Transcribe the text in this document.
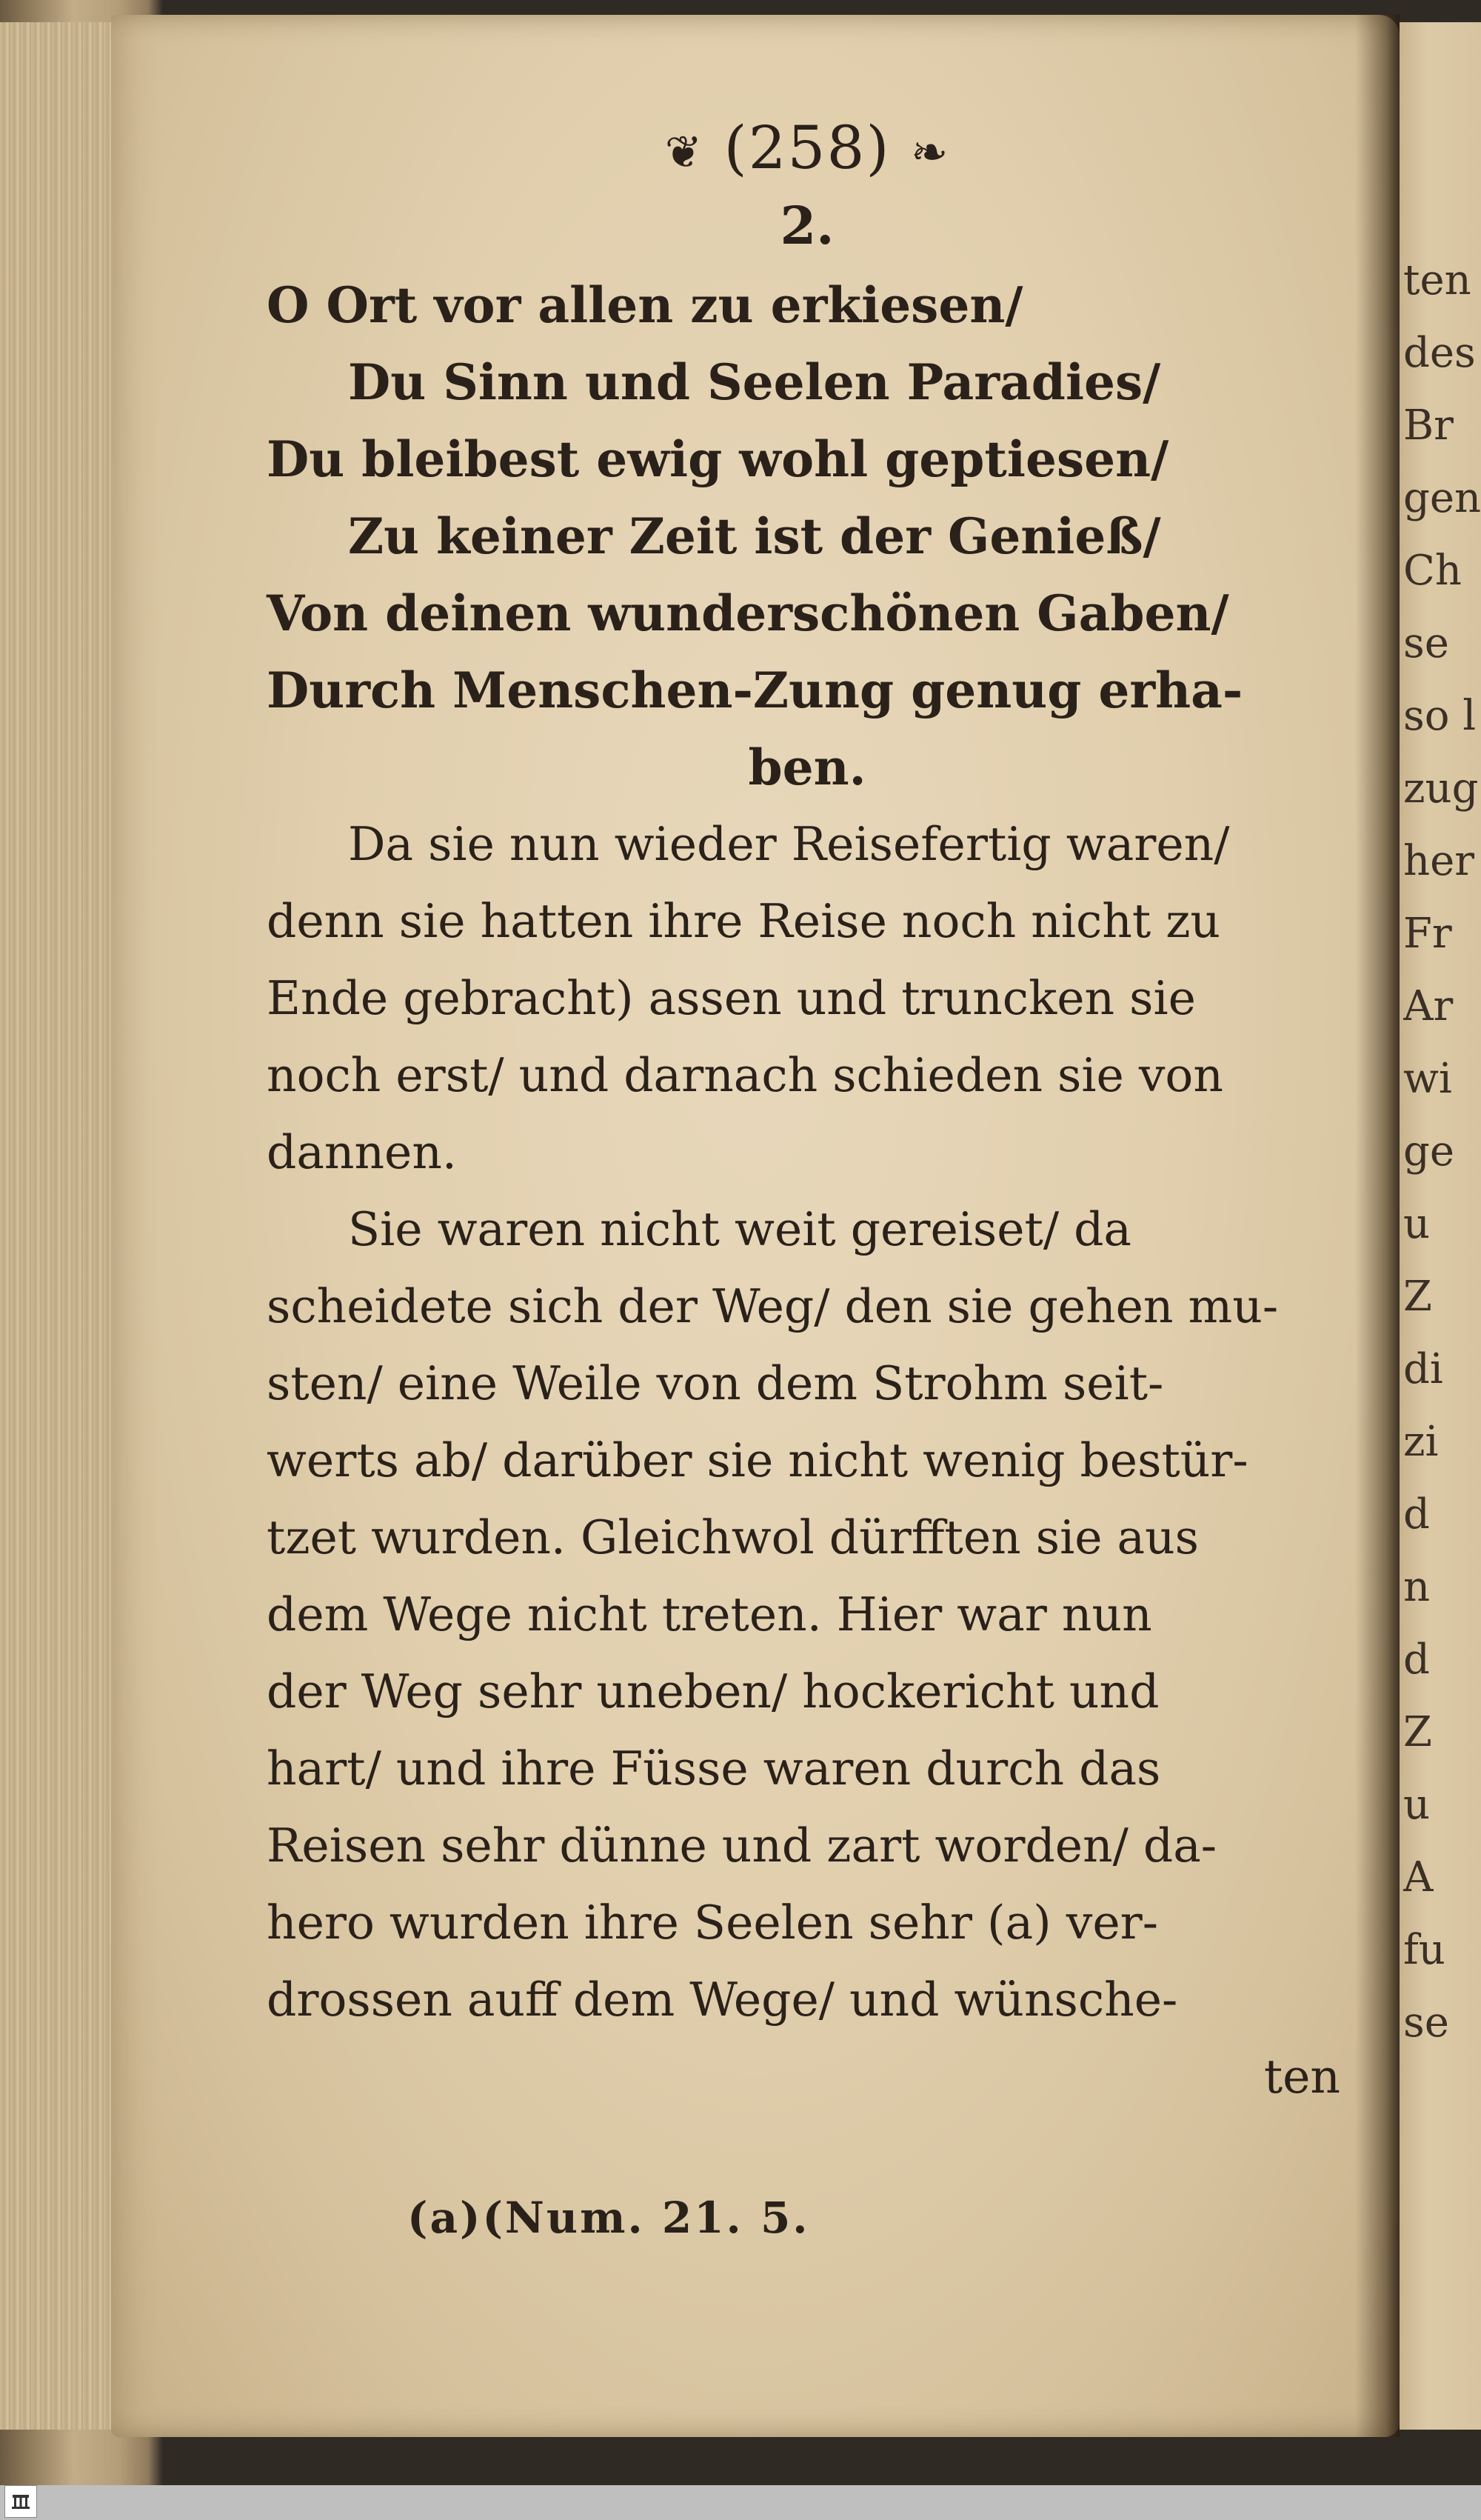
ten
des
Br
gen
Ch
se
so l
zug
her
Fr
Ar
wi
ge
u
Z
di
zi
d
n
d
Z
u
A
fu
se
❦ (258) ❧
2.
O Ort vor allen zu erkiesen/
Du Sinn und Seelen Paradies/
Du bleibest ewig wohl geptiesen/
Zu keiner Zeit ist der Genieß/
Von deinen wunderschönen Gaben/
Durch Menschen-Zung genug erha-
ben.
Da sie nun wieder Reisefertig waren/
denn sie hatten ihre Reise noch nicht zu
Ende gebracht) assen und truncken sie
noch erst/ und darnach schieden sie von
dannen.
Sie waren nicht weit gereiset/ da
scheidete sich der Weg/ den sie gehen mu-
sten/ eine Weile von dem Strohm seit-
werts ab/ darüber sie nicht wenig bestür-
tzet wurden. Gleichwol dürfften sie aus
dem Wege nicht treten. Hier war nun
der Weg sehr uneben/ hockericht und
hart/ und ihre Füsse waren durch das
Reisen sehr dünne und zart worden/ da-
hero wurden ihre Seelen sehr (a) ver-
drossen auff dem Wege/ und wünsche-
ten
(a)(Num. 21. 5.
